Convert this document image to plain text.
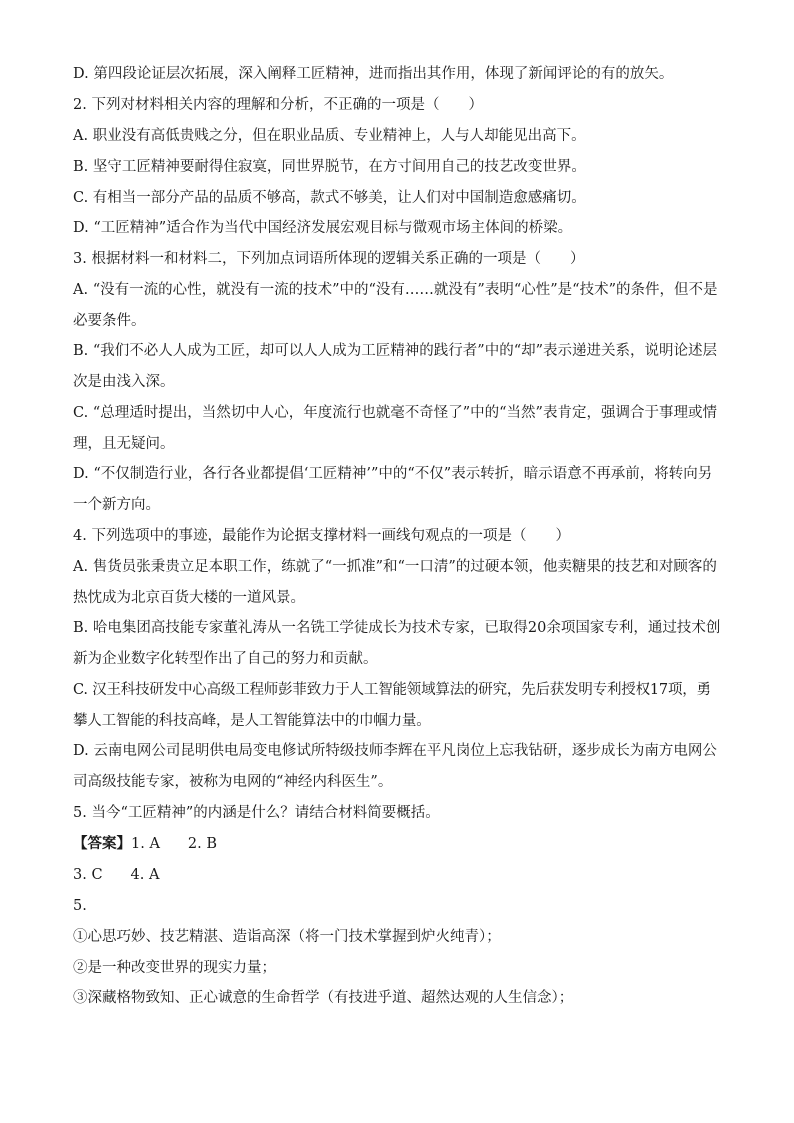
D. 第四段论证层次拓展，深入阐释工匠精神，进而指出其作用，体现了新闻评论的有的放矢。

2. 下列对材料相关内容的理解和分析，不正确的一项是（　　）

A. 职业没有高低贵贱之分，但在职业品质、专业精神上，人与人却能见出高下。

B. 坚守工匠精神要耐得住寂寞，同世界脱节，在方寸间用自己的技艺改变世界。

C. 有相当一部分产品的品质不够高，款式不够美，让人们对中国制造愈感痛切。

D. “工匠精神”适合作为当代中国经济发展宏观目标与微观市场主体间的桥梁。

3. 根据材料一和材料二，下列加点词语所体现的逻辑关系正确的一项是（　　）

A. “没有一流的心性，就没有一流的技术”中的“没有……就没有”表明“心性”是“技术”的条件，但不是必要条件。

B. “我们不必人人成为工匠，却可以人人成为工匠精神的践行者”中的“却”表示递进关系，说明论述层次是由浅入深。

C. “总理适时提出，当然切中人心，年度流行也就毫不奇怪了”中的“当然”表肯定，强调合于事理或情理，且无疑问。

D. “不仅制造行业，各行各业都提倡‘工匠精神’”中的“不仅”表示转折，暗示语意不再承前，将转向另一个新方向。

4. 下列选项中的事迹，最能作为论据支撑材料一画线句观点的一项是（　　）

A. 售货员张秉贵立足本职工作，练就了“一抓准”和“一口清”的过硬本领，他卖糖果的技艺和对顾客的热忱成为北京百货大楼的一道风景。

B. 哈电集团高技能专家董礼涛从一名铣工学徒成长为技术专家，已取得20余项国家专利，通过技术创新为企业数字化转型作出了自己的努力和贡献。

C. 汉王科技研发中心高级工程师彭菲致力于人工智能领域算法的研究，先后获发明专利授权17项，勇攀人工智能的科技高峰，是人工智能算法中的巾帼力量。

D. 云南电网公司昆明供电局变电修试所特级技师李辉在平凡岗位上忘我钻研，逐步成长为南方电网公司高级技能专家，被称为电网的“神经内科医生”。

5. 当今“工匠精神”的内涵是什么？请结合材料简要概括。

【答案】1. A 2. B

3. C 4. A

5.

①心思巧妙、技艺精湛、造诣高深（将一门技术掌握到炉火纯青）；

②是一种改变世界的现实力量；

③深藏格物致知、正心诚意的生命哲学（有技进乎道、超然达观的人生信念）；
